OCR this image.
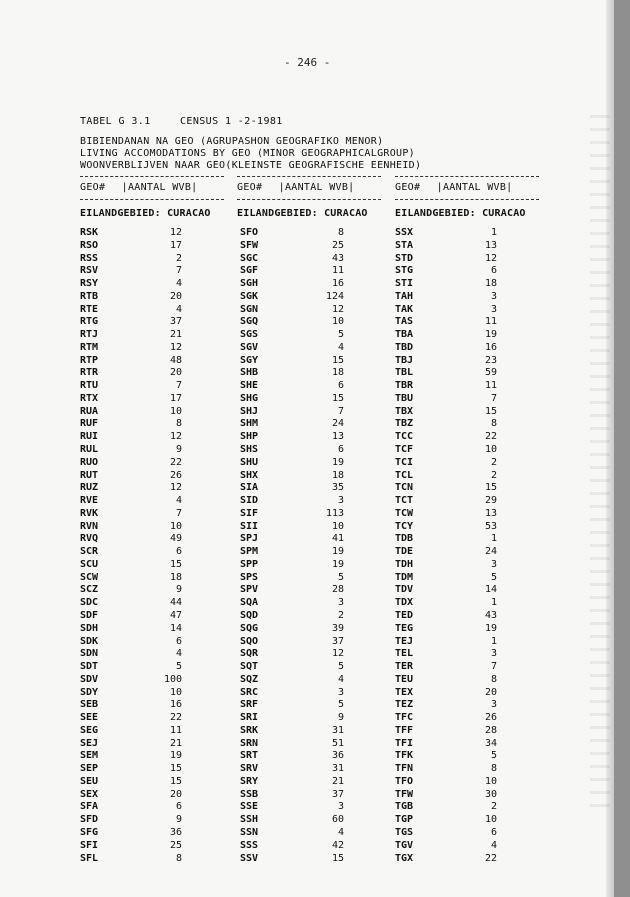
- 246 -
TABEL G 3.1	CENSUS 1 -2-1981
BIBIENDANAN NA GEO (AGRUPASHON GEOGRAFIKO MENOR)
LIVING ACCOMODATIONS BY GEO (MINOR GEOGRAPHICALGROUP)
WOONVERBLIJVEN NAAR GEO(KLEINSTE GEOGRAFISCHE EENHEID)
GEO# |AANTAL WVB|	GEO# |AANTAL WVB|	GEO# |AANTAL WVB|
EILANDGEBIED: CURACAO	EILANDGEBIED: CURACAO	EILANDGEBIED: CURACAO
RSK	12
RSO	17
RSS	2
RSV	7
RSY	4
RTB	20
RTE	4
RTG	37
RTJ	21
RTM	12
RTP	48
RTR	20
RTU	7
RTX	17
RUA	10
RUF	8
RUI	12
RUL	9
RUO	22
RUT	26
RUZ	12
RVE	4
RVK	7
RVN	10
RVQ	49
SCR	6
SCU	15
SCW	18
SCZ	9
SDC	44
SDF	47
SDH	14
SDK	6
SDN	4
SDT	5
SDV	100
SDY	10
SEB	16
SEE	22
SEG	11
SEJ	21
SEM	19
SEP	15
SEU	15
SEX	20
SFA	6
SFD	9
SFG	36
SFI	25
SFL	8
SFO	8
SFW	25
SGC	43
SGF	11
SGH	16
SGK	124
SGN	12
SGQ	10
SGS	5
SGV	4
SGY	15
SHB	18
SHE	6
SHG	15
SHJ	7
SHM	24
SHP	13
SHS	6
SHU	19
SHX	18
SIA	35
SID	3
SIF	113
SII	10
SPJ	41
SPM	19
SPP	19
SPS	5
SPV	28
SQA	3
SQD	2
SQG	39
SQO	37
SQR	12
SQT	5
SQZ	4
SRC	3
SRF	5
SRI	9
SRK	31
SRN	51
SRT	36
SRV	31
SRY	21
SSB	37
SSE	3
SSH	60
SSN	4
SSS	42
SSV	15
SSX	1
STA	13
STD	12
STG	6
STI	18
TAH	3
TAK	3
TAS	11
TBA	19
TBD	16
TBJ	23
TBL	59
TBR	11
TBU	7
TBX	15
TBZ	8
TCC	22
TCF	10
TCI	2
TCL	2
TCN	15
TCT	29
TCW	13
TCY	53
TDB	1
TDE	24
TDH	3
TDM	5
TDV	14
TDX	1
TED	43
TEG	19
TEJ	1
TEL	3
TER	7
TEU	8
TEX	20
TEZ	3
TFC	26
TFF	28
TFI	34
TFK	5
TFN	8
TFO	10
TFW	30
TGB	2
TGP	10
TGS	6
TGV	4
TGX	22
